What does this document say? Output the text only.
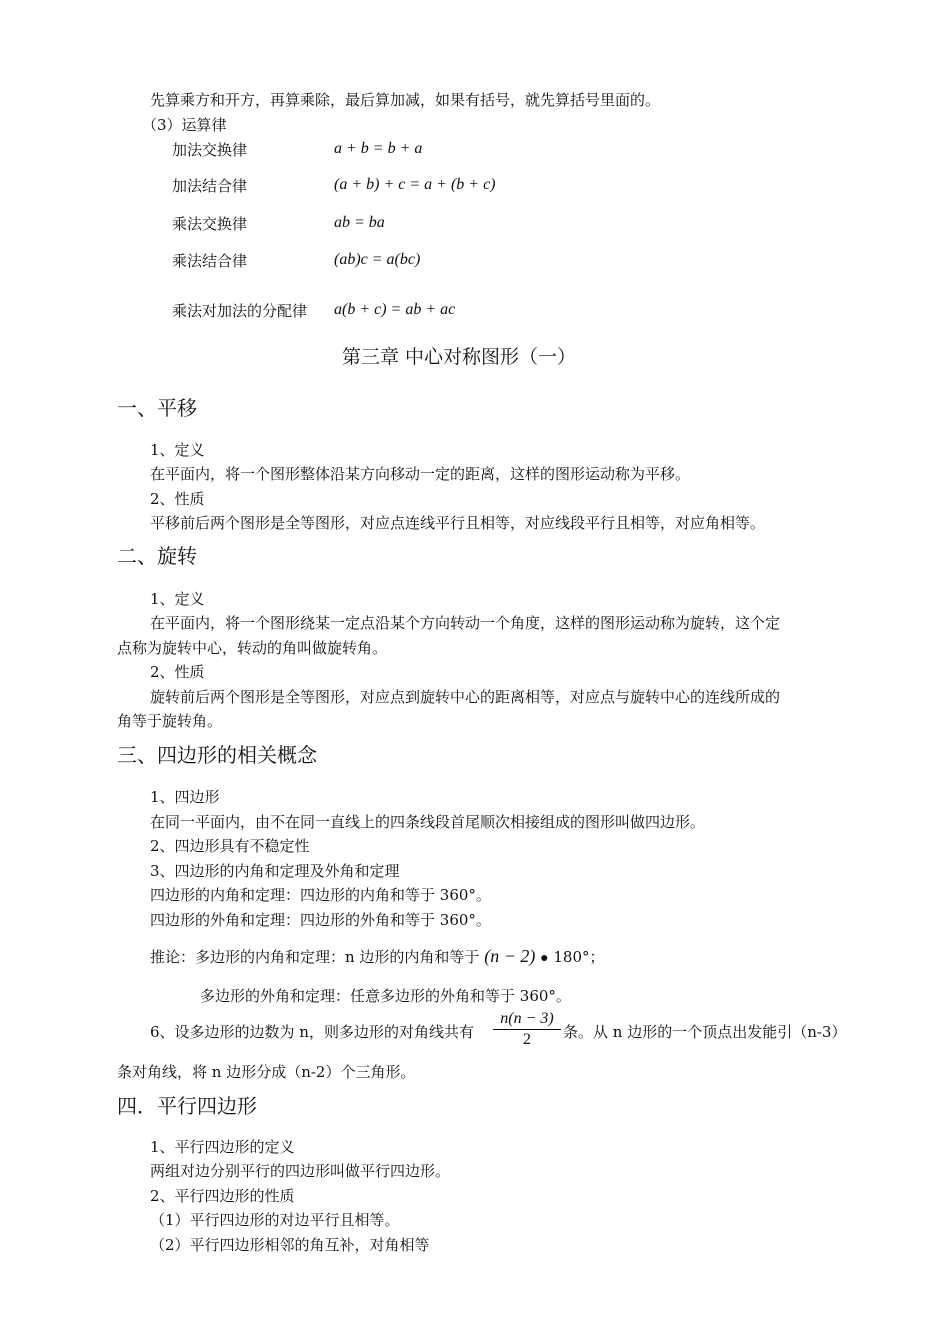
先算乘方和开方，再算乘除，最后算加减，如果有括号，就先算括号里面的。
（3）运算律
加法交换律	a + b = b + a
加法结合律	(a + b) + c = a + (b + c)
乘法交换律	ab = ba
乘法结合律	(ab)c = a(bc)
乘法对加法的分配律 a(b + c) = ab + ac
第三章 中心对称图形（一）
一、平移
1、定义
在平面内，将一个图形整体沿某方向移动一定的距离，这样的图形运动称为平移。
2、性质
平移前后两个图形是全等图形，对应点连线平行且相等，对应线段平行且相等，对应角相等。
二、旋转
1、定义
在平面内，将一个图形绕某一定点沿某个方向转动一个角度，这样的图形运动称为旋转，这个定
点称为旋转中心，转动的角叫做旋转角。
2、性质
旋转前后两个图形是全等图形，对应点到旋转中心的距离相等，对应点与旋转中心的连线所成的
角等于旋转角。
三、四边形的相关概念
1、四边形
在同一平面内，由不在同一直线上的四条线段首尾顺次相接组成的图形叫做四边形。
2、四边形具有不稳定性
3、四边形的内角和定理及外角和定理
四边形的内角和定理：四边形的内角和等于 360°。
四边形的外角和定理：四边形的外角和等于 360°。
推论：多边形的内角和定理：n 边形的内角和等于 (n − 2) ● 180°；
多边形的外角和定理：任意多边形的外角和等于 360°。
6、设多边形的边数为 n，则多边形的对角线共有
n(n − 3)
2	条。从 n 边形的一个顶点出发能引（n-3）
条对角线，将 n 边形分成（n-2）个三角形。
四．平行四边形
1、平行四边形的定义
两组对边分别平行的四边形叫做平行四边形。
2、平行四边形的性质
（1）平行四边形的对边平行且相等。
（2）平行四边形相邻的角互补，对角相等
